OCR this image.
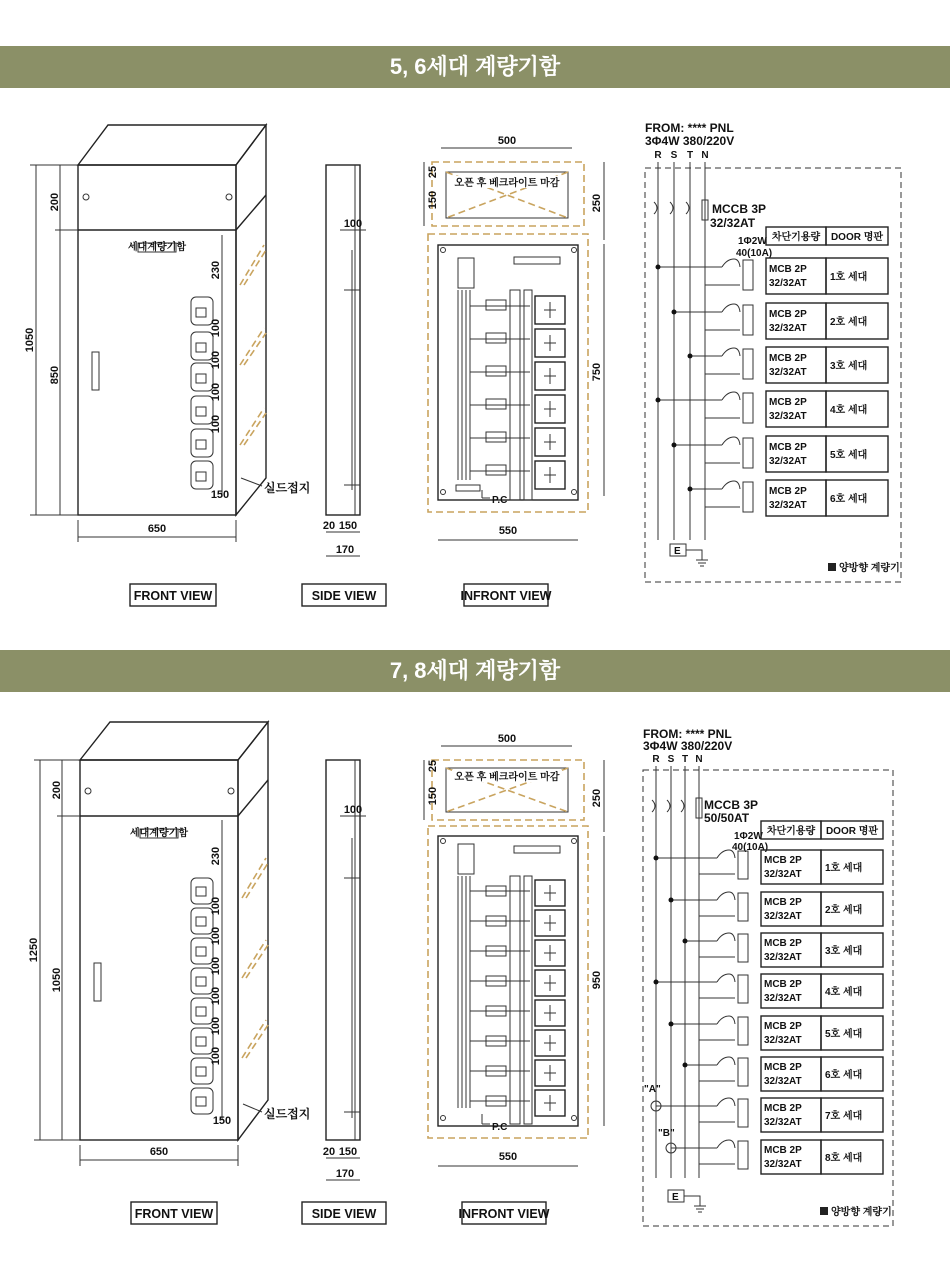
5, 6세대 계량기함
세대계량기함
200
1050
850
230
100
100
100
100
150	실드접지
650
FRONT VIEW
100
20 150
170
SIDE VIEW
500
오픈 후 베크라이트 마감
25
150	250
P.C
750
550
INFRONT VIEW
FROM: **** PNL
3Φ4W 380/220V
R S T N
MCCB 3P
32/32AT
1Φ2W
40(10A)
차단기용량 DOOR 명판
MCB 2P
32/32AT
1호 세대
MCB 2P
32/32AT
2호 세대
MCB 2P
32/32AT
3호 세대
MCB 2P
32/32AT
4호 세대
MCB 2P
32/32AT
5호 세대
MCB 2P
32/32AT
6호 세대
E
양방향 계량기
7, 8세대 계량기함
세대계량기함
200
1250
1050
230
100
100
100
100
100
100
150	실드접지
650
FRONT VIEW
100
20 150
170
SIDE VIEW
500
오픈 후 베크라이트 마감
25
150	250
P.C
950
550
INFRONT VIEW
FROM: **** PNL
3Φ4W 380/220V
R S T N
MCCB 3P
50/50AT
1Φ2W
40(10A)
차단기용량 DOOR 명판
MCB 2P
32/32AT
1호 세대
MCB 2P
32/32AT
2호 세대
MCB 2P
32/32AT
3호 세대
MCB 2P
32/32AT
4호 세대
MCB 2P
32/32AT
5호 세대
MCB 2P
32/32AT
6호 세대
MCB 2P
32/32AT
7호 세대
MCB 2P
32/32AT
8호 세대
"A"
"B"
E
양방향 계량기
